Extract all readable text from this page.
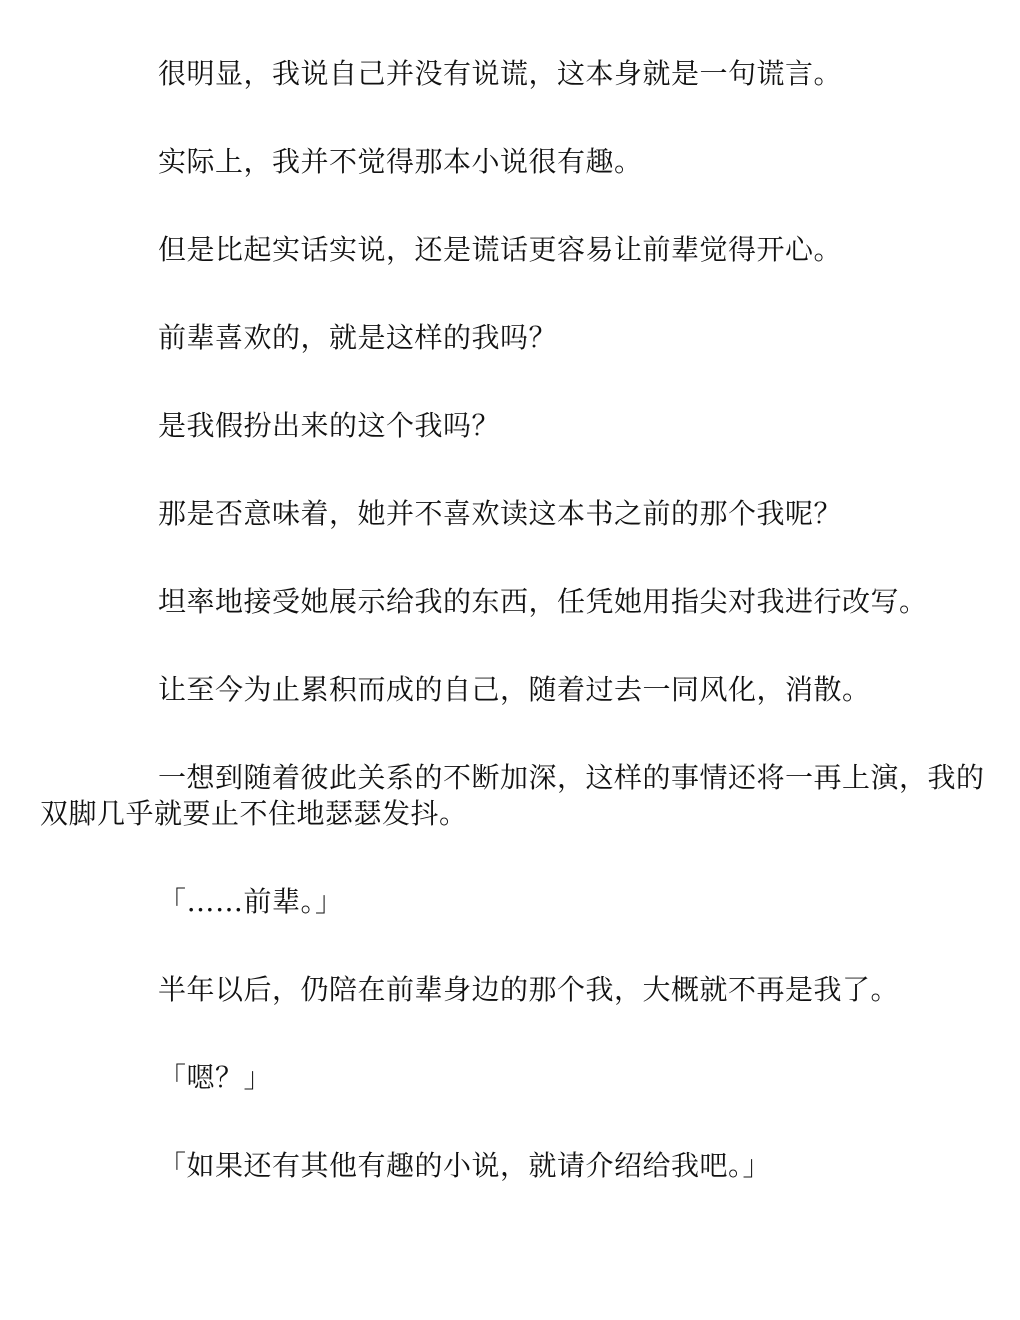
很明显，我说自己并没有说谎，这本身就是一句谎言。

实际上，我并不觉得那本小说很有趣。

但是比起实话实说，还是谎话更容易让前辈觉得开心。

前辈喜欢的，就是这样的我吗？

是我假扮出来的这个我吗？

那是否意味着，她并不喜欢读这本书之前的那个我呢？

坦率地接受她展示给我的东西，任凭她用指尖对我进行改写。

让至今为止累积而成的自己，随着过去一同风化，消散。

一想到随着彼此关系的不断加深，这样的事情还将一再上演，我的双脚几乎就要止不住地瑟瑟发抖。

「……前辈。」

半年以后，仍陪在前辈身边的那个我，大概就不再是我了。

「嗯？」

「如果还有其他有趣的小说，就请介绍给我吧。」
